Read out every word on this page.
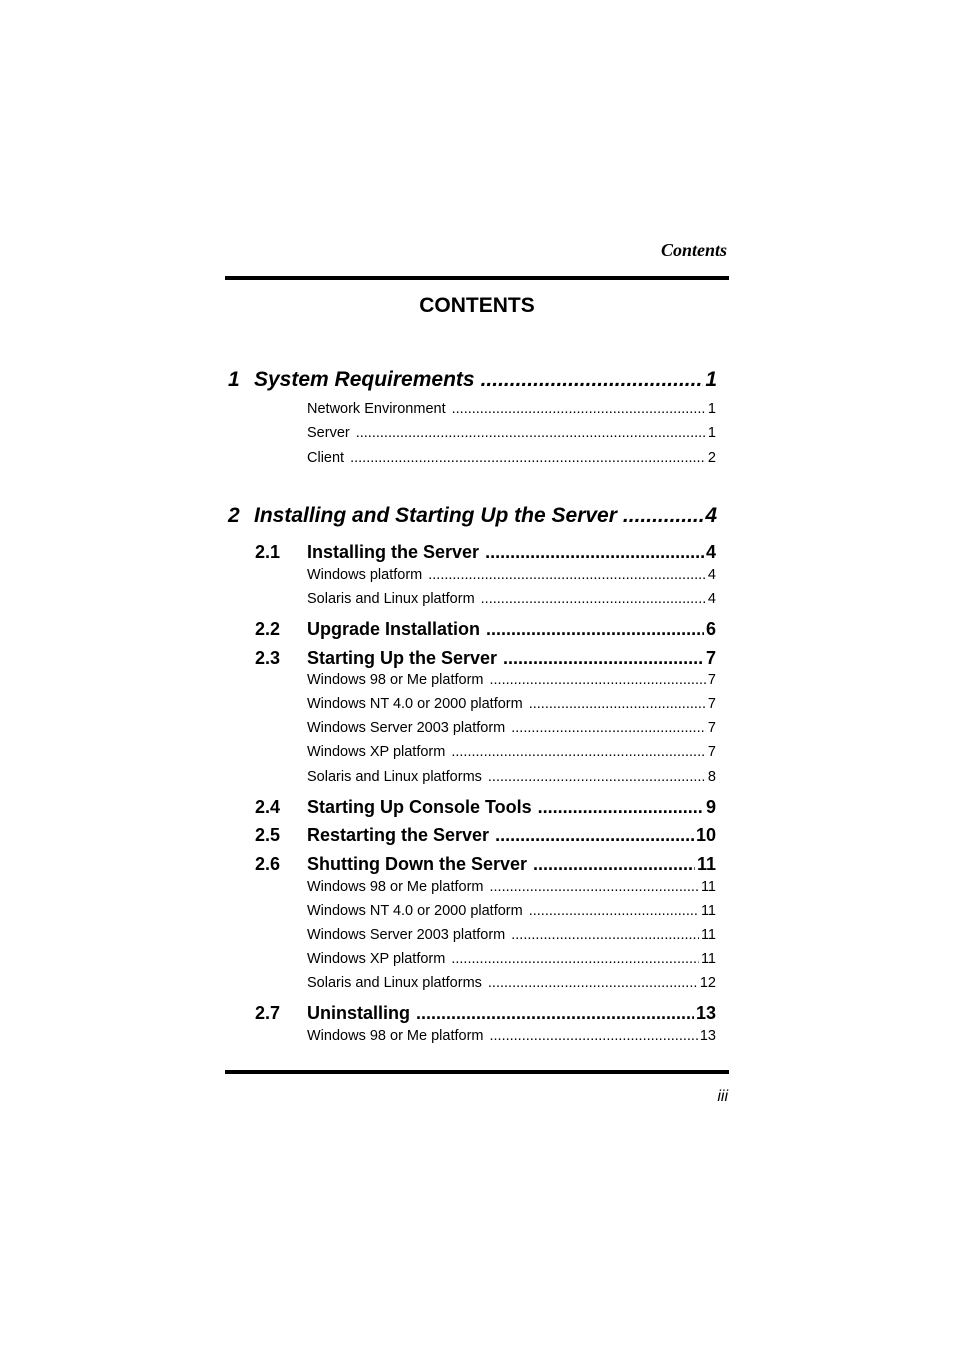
Contents
CONTENTS
1 System Requirements .....	1
Network Environment .....	1
Server .....	1
Client .....	2
2 Installing and Starting Up the Server .....	4
2.1 Installing the Server .....	4
Windows platform .....	4
Solaris and Linux platform .....	4
2.2 Upgrade Installation .....	6
2.3 Starting Up the Server .....	7
Windows 98 or Me platform .....	7
Windows NT 4.0 or 2000 platform .....	7
Windows Server 2003 platform .....	7
Windows XP platform .....	7
Solaris and Linux platforms .....	8
2.4 Starting Up Console Tools .....	9
2.5 Restarting the Server .....	10
2.6 Shutting Down the Server .....	11
Windows 98 or Me platform .....	11
Windows NT 4.0 or 2000 platform .....	11
Windows Server 2003 platform .....	11
Windows XP platform .....	11
Solaris and Linux platforms .....	12
2.7 Uninstalling .....	13
Windows 98 or Me platform .....	13
iii
